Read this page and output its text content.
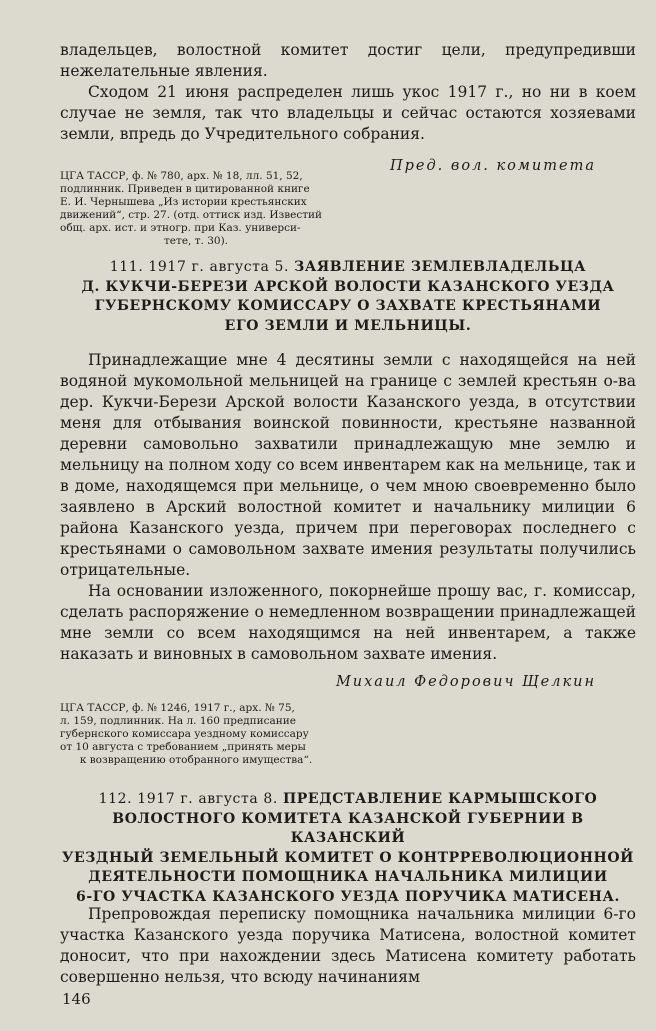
владельцев, волостной комитет достиг цели, предупредивши нежелательные явления.

Сходом 21 июня распределен лишь укос 1917 г., но ни в коем случае не земля, так что владельцы и сейчас остаются хозяевами земли, впредь до Учредительного собрания.

Пред. вол. комитета
ЦГА ТАССР, ф. № 780, арх. № 18, лл. 51, 52,
подлинник. Приведен в цитированной книге
Е. И. Чернышева „Из истории крестьянских
движений“, стр. 27. (отд. оттиск изд. Известий
общ. арх. ист. и этногр. при Каз. универси-
тете, т. 30).
111. 1917 г. августа 5. ЗАЯВЛЕНИЕ ЗЕМЛЕВЛАДЕЛЬЦА
Д. КУКЧИ-БЕРЕЗИ АРСКОЙ ВОЛОСТИ КАЗАНСКОГО УЕЗДА
ГУБЕРНСКОМУ КОМИССАРУ О ЗАХВАТЕ КРЕСТЬЯНАМИ
ЕГО ЗЕМЛИ И МЕЛЬНИЦЫ.

Принадлежащие мне 4 десятины земли с находящейся на ней водяной мукомольной мельницей на границе с землей крестьян о-ва дер. Кукчи-Берези Арской волости Казанского уезда, в отсутствии меня для отбывания воинской повинности, крестьяне названной деревни самовольно захватили принадлежащую мне землю и мельницу на полном ходу со всем инвентарем как на мельнице, так и в доме, находящемся при мельнице, о чем мною своевременно было заявлено в Арский волостной комитет и начальнику милиции 6 района Казанского уезда, причем при переговорах последнего с крестьянами о самовольном захвате имения результаты получились отрицательные.

На основании изложенного, покорнейше прошу вас, г. комиссар, сделать распоряжение о немедленном возвращении принадлежащей мне земли со всем находящимся на ней инвентарем, а также наказать и виновных в самовольном захвате имения.

Михаил Федорович Щелкин
ЦГА ТАССР, ф. № 1246, 1917 г., арх. № 75,
л. 159, подлинник. На л. 160 предписание
губернского комиссара уездному комиссару
от 10 августа с требованием „принять меры
к возвращению отобранного имущества“.
112. 1917 г. августа 8. ПРЕДСТАВЛЕНИЕ КАРМЫШСКОГО
ВОЛОСТНОГО КОМИТЕТА КАЗАНСКОЙ ГУБЕРНИИ В КАЗАНСКИЙ
УЕЗДНЫЙ ЗЕМЕЛЬНЫЙ КОМИТЕТ О КОНТРРЕВОЛЮЦИОННОЙ
ДЕЯТЕЛЬНОСТИ ПОМОЩНИКА НАЧАЛЬНИКА МИЛИЦИИ
6-ГО УЧАСТКА КАЗАНСКОГО УЕЗДА ПОРУЧИКА МАТИСЕНА.

Препровождая переписку помощника начальника милиции 6-го участка Казанского уезда поручика Матисена, волостной комитет доносит, что при нахождении здесь Матисена комитету работать совершенно нельзя, что всюду начинаниям

146
